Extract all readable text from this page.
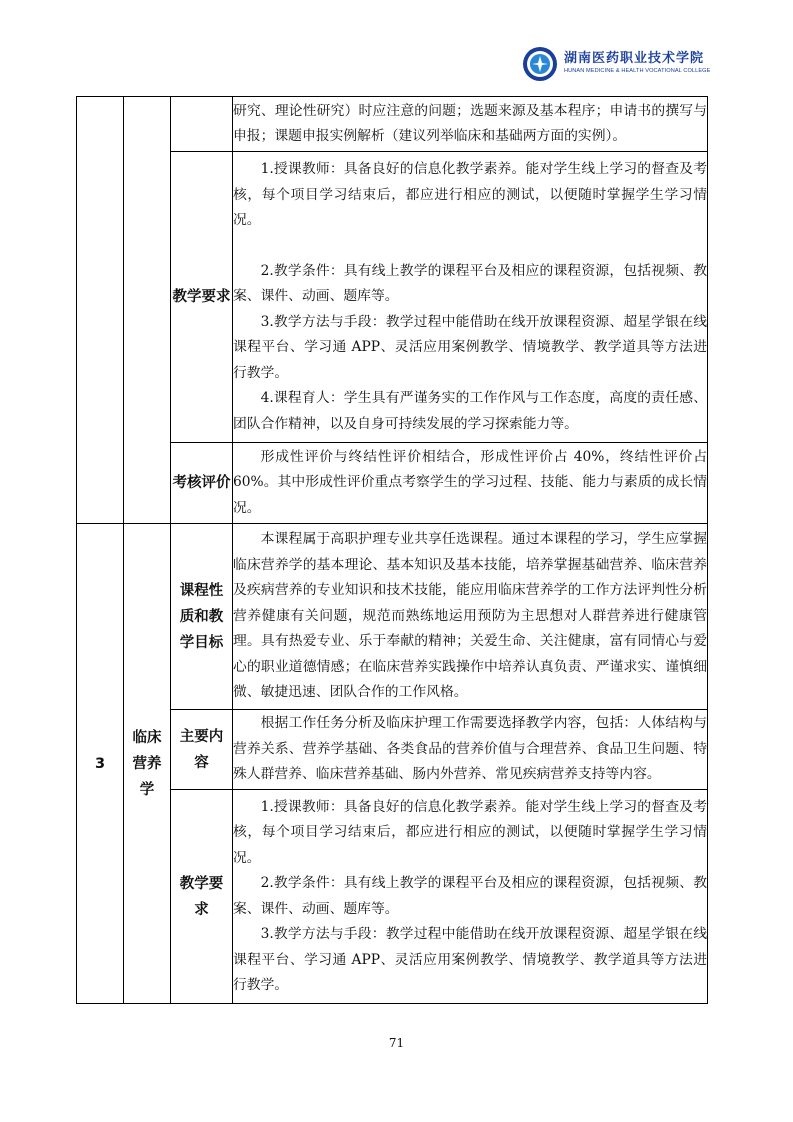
湖南医药职业技术学院
HUNAN MEDICINE & HEALTH VOCATIONAL COLLEGE

			研究、理论性研究）时应注意的问题；选题来源及基本程序；申请书的撰写与申报；课题申报实例解析（建议列举临床和基础两方面的实例）。

		教学要求	1.授课教师：具备良好的信息化教学素养。能对学生线上学习的督查及考核，每个项目学习结束后，都应进行相应的测试，以便随时掌握学生学习情况。

2.教学条件：具有线上教学的课程平台及相应的课程资源，包括视频、教案、课件、动画、题库等。

3.教学方法与手段：教学过程中能借助在线开放课程资源、超星学银在线课程平台、学习通 APP、灵活应用案例教学、情境教学、教学道具等方法进行教学。

4.课程育人：学生具有严谨务实的工作作风与工作态度，高度的责任感、团队合作精神，以及自身可持续发展的学习探索能力等。

		考核评价	形成性评价与终结性评价相结合，形成性评价占 40%，终结性评价占 60%。其中形成性评价重点考察学生的学习过程、技能、能力与素质的成长情况。

3	临床营养学	课程性质和教学目标	本课程属于高职护理专业共享任选课程。通过本课程的学习，学生应掌握临床营养学的基本理论、基本知识及基本技能，培养掌握基础营养、临床营养及疾病营养的专业知识和技术技能，能应用临床营养学的工作方法评判性分析营养健康有关问题，规范而熟练地运用预防为主思想对人群营养进行健康管理。具有热爱专业、乐于奉献的精神；关爱生命、关注健康，富有同情心与爱心的职业道德情感；在临床营养实践操作中培养认真负责、严谨求实、谨慎细微、敏捷迅速、团队合作的工作风格。

		主要内容	根据工作任务分析及临床护理工作需要选择教学内容，包括：人体结构与营养关系、营养学基础、各类食品的营养价值与合理营养、食品卫生问题、特殊人群营养、临床营养基础、肠内外营养、常见疾病营养支持等内容。

		教学要求	1.授课教师：具备良好的信息化教学素养。能对学生线上学习的督查及考核，每个项目学习结束后，都应进行相应的测试，以便随时掌握学生学习情况。

2.教学条件：具有线上教学的课程平台及相应的课程资源，包括视频、教案、课件、动画、题库等。

3.教学方法与手段：教学过程中能借助在线开放课程资源、超星学银在线课程平台、学习通 APP、灵活应用案例教学、情境教学、教学道具等方法进行教学。

71
